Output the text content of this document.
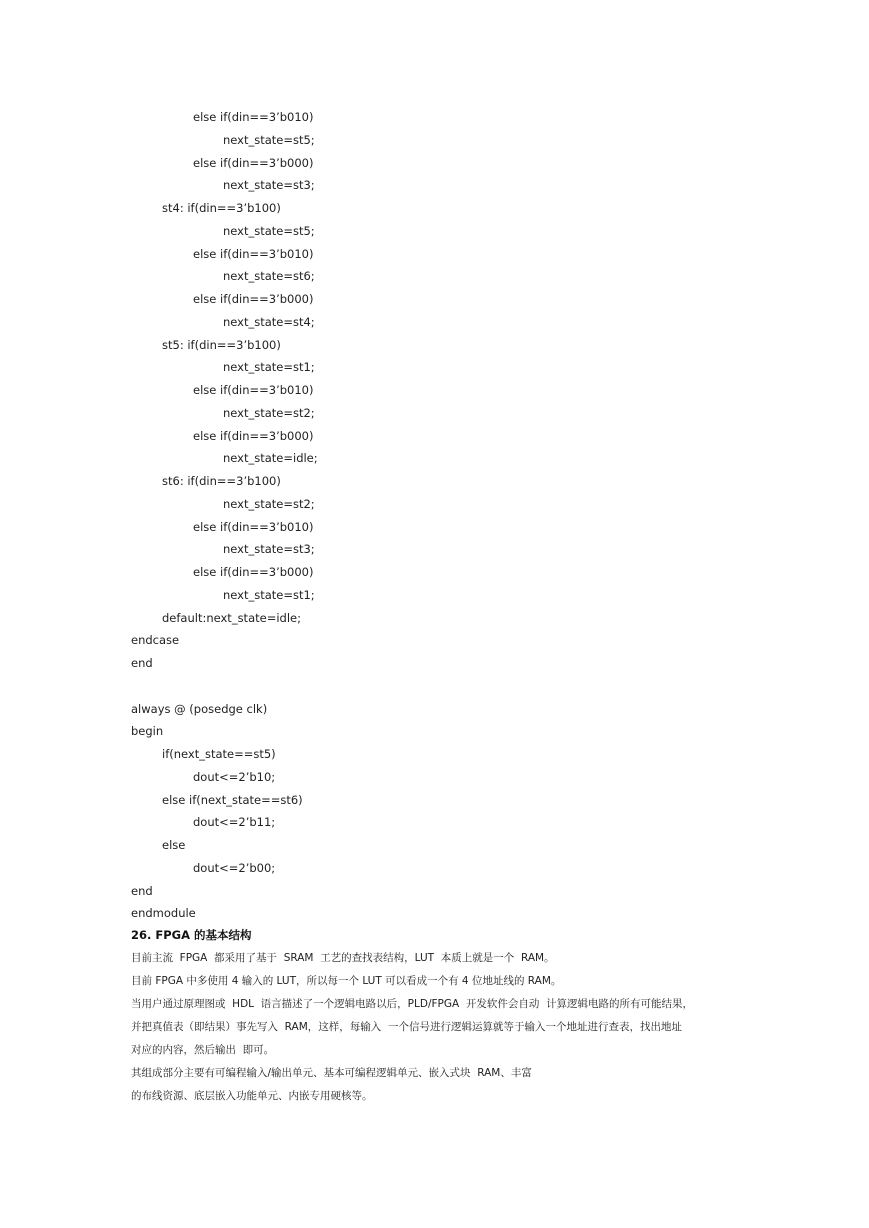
else if(din==3’b010)
next_state=st5;
else if(din==3’b000)
next_state=st3;
st4: if(din==3’b100)
next_state=st5;
else if(din==3’b010)
next_state=st6;
else if(din==3’b000)
next_state=st4;
st5: if(din==3’b100)
next_state=st1;
else if(din==3’b010)
next_state=st2;
else if(din==3’b000)
next_state=idle;
st6: if(din==3’b100)
next_state=st2;
else if(din==3’b010)
next_state=st3;
else if(din==3’b000)
next_state=st1;
default:next_state=idle;
endcase
end
always @ (posedge clk)
begin
if(next_state==st5)
dout<=2’b10;
else if(next_state==st6)
dout<=2’b11;
else
dout<=2’b00;
end
endmodule
26. FPGA 的基本结构
目前主流  FPGA  都采用了基于  SRAM  工艺的查找表结构，LUT  本质上就是一个  RAM。
目前 FPGA 中多使用 4 输入的 LUT，所以每一个 LUT 可以看成一个有 4 位地址线的 RAM。
当用户通过原理图或  HDL  语言描述了一个逻辑电路以后，PLD/FPGA  开发软件会自动  计算逻辑电路的所有可能结果，
并把真值表（即结果）事先写入  RAM，这样，每输入  一个信号进行逻辑运算就等于输入一个地址进行查表，找出地址
对应的内容，然后输出  即可。
其组成部分主要有可编程输入/输出单元、基本可编程逻辑单元、嵌入式块  RAM、丰富
的布线资源、底层嵌入功能单元、内嵌专用硬核等。
